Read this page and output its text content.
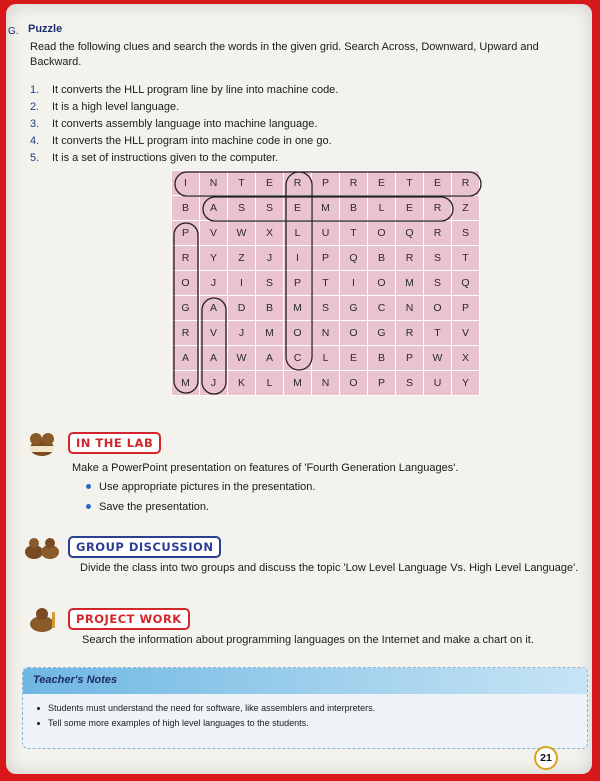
G. Puzzle
Read the following clues and search the words in the given grid. Search Across, Downward, Upward and Backward.
1.	It converts the HLL program line by line into machine code.
2.	It is a high level language.
3.	It converts assembly language into machine language.
4.	It converts the HLL program into machine code in one go.
5.	It is a set of instructions given to the computer.
I	N	T	E	R	P	R	E	T	E	R
B	A	S	S	E	M	B	L	E	R	Z
P	V	W	X	L	U	T	O	Q	R	S
R	Y	Z	J	I	P	Q	B	R	S	T
O	J	I	S	P	T	I	O	M	S	Q
G	A	D	B	M	S	G	C	N	O	P
R	V	J	M	O	N	O	G	R	T	V
A	A	W	A	C	L	E	B	P	W	X
M	J	K	L	M	N	O	P	S	U	Y
IN THE LAB
Make a PowerPoint presentation on features of 'Fourth Generation Languages'.
Use appropriate pictures in the presentation.
Save the presentation.
GROUP DISCUSSION
Divide the class into two groups and discuss the topic 'Low Level Language Vs. High Level Language'.
PROJECT WORK
Search the information about programming languages on the Internet and make a chart on it.
Teacher's Notes
Students must understand the need for software, like assemblers and interpreters.
Tell some more examples of high level languages to the students.
21
